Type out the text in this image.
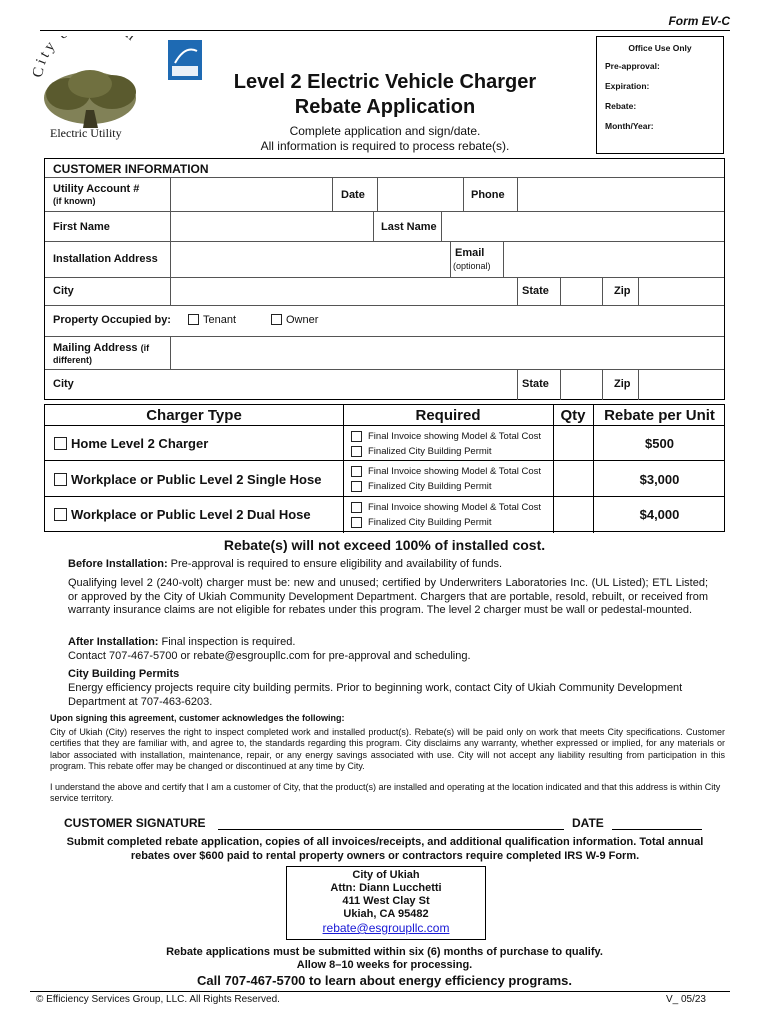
Form EV-C
City h
Electric Utility
Level 2 Electric Vehicle Charger
Rebate Application
Complete application and sign/date.
All information is required to process rebate(s).
Office Use Only
Pre-approval:
Expiration:
Rebate:
Month/Year:
CUSTOMER INFORMATION
Utility Account #
(if known)	Date	Phone
First Name	Last Name
Installation Address	Email
(optional)
City	State	Zip
Property Occupied by:	Tenant	Owner
Mailing Address (if
different)
City	State	Zip
Charger Type	Required	Qty	Rebate per Unit
Home Level 2 Charger	Final Invoice showing Model & Total Cost
Finalized City Building Permit
$500
Workplace or Public Level 2 Single Hose
Final Invoice showing Model & Total Cost
Finalized City Building Permit	$3,000
Workplace or Public Level 2 Dual Hose	Final Invoice showing Model & Total Cost
Finalized City Building Permit
$4,000
Rebate(s) will not exceed 100% of installed cost.
Before Installation: Pre-approval is required to ensure eligibility and availability of funds.
Qualifying level 2 (240-volt) charger must be: new and unused; certified by Underwriters Laboratories Inc. (UL Listed); ETL Listed; or approved by the City of Ukiah Community Development Department. Chargers that are portable, resold, rebuilt, or received from warranty insurance claims are not eligible for rebates under this program. The level 2 charger must be wall or pedestal-mounted.
After Installation: Final inspection is required.
Contact 707-467-5700 or rebate@esgroupllc.com for pre-approval and scheduling.
City Building Permits
Energy efficiency projects require city building permits. Prior to beginning work, contact City of Ukiah Community Development Department at 707-463-6203.
Upon signing this agreement, customer acknowledges the following:
City of Ukiah (City) reserves the right to inspect completed work and installed product(s). Rebate(s) will be paid only on work that meets City specifications. Customer certifies that they are familiar with, and agree to, the standards regarding this program. City disclaims any warranty, whether expressed or implied, for any materials or labor associated with installation, maintenance, repair, or any energy savings associated with use. City will not accept any liability resulting from participation in this program. This rebate offer may be changed or discontinued at any time by City.
I understand the above and certify that I am a customer of City, that the product(s) are installed and operating at the location indicated and that this address is within City service territory.
CUSTOMER SIGNATURE	DATE
Submit completed rebate application, copies of all invoices/receipts, and additional qualification information. Total annual rebates over $600 paid to rental property owners or contractors require completed IRS W-9 Form.
City of Ukiah
Attn: Diann Lucchetti
411 West Clay St
Ukiah, CA 95482
rebate@esgroupllc.com
Rebate applications must be submitted within six (6) months of purchase to qualify.
Allow 8–10 weeks for processing.
Call 707-467-5700 to learn about energy efficiency programs.
© Efficiency Services Group, LLC. All Rights Reserved.	V_ 05/23
